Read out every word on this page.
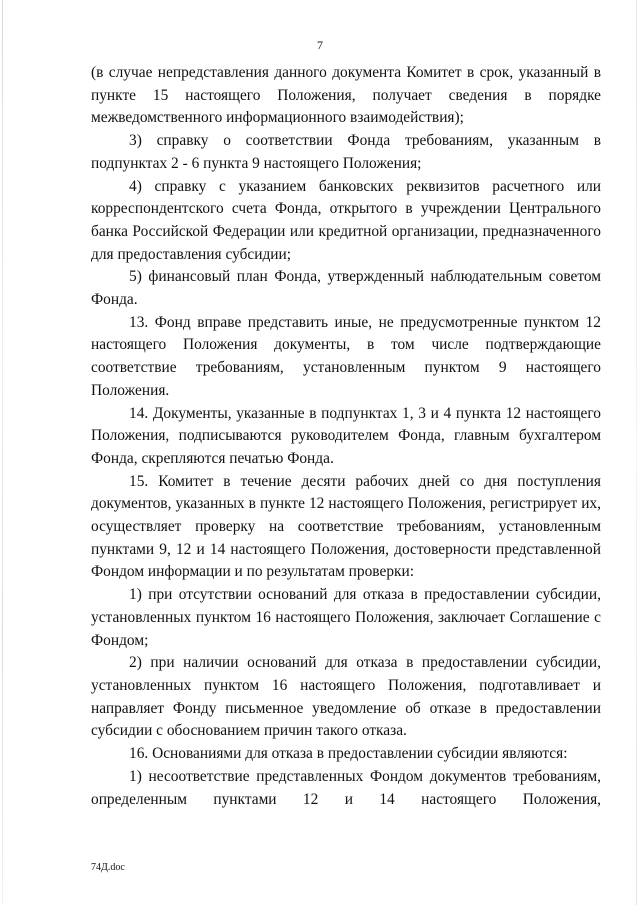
7

(в случае непредставления данного документа Комитет в срок, указанный в пункте 15 настоящего Положения, получает сведения в порядке межведомственного информационного взаимодействия);

3) справку о соответствии Фонда требованиям, указанным в подпунктах 2 - 6 пункта 9 настоящего Положения;

4) справку с указанием банковских реквизитов расчетного или корреспондентского счета Фонда, открытого в учреждении Центрального банка Российской Федерации или кредитной организации, предназначенного для предоставления субсидии;

5) финансовый план Фонда, утвержденный наблюдательным советом Фонда.

13. Фонд вправе представить иные, не предусмотренные пунктом 12 настоящего Положения документы, в том числе подтверждающие соответствие требованиям, установленным пунктом 9 настоящего Положения.

14. Документы, указанные в подпунктах 1, 3 и 4 пункта 12 настоящего Положения, подписываются руководителем Фонда, главным бухгалтером Фонда, скрепляются печатью Фонда.

15. Комитет в течение десяти рабочих дней со дня поступления документов, указанных в пункте 12 настоящего Положения, регистрирует их, осуществляет проверку на соответствие требованиям, установленным пунктами 9, 12 и 14 настоящего Положения, достоверности представленной Фондом информации и по результатам проверки:

1) при отсутствии оснований для отказа в предоставлении субсидии, установленных пунктом 16 настоящего Положения, заключает Соглашение с Фондом;

2) при наличии оснований для отказа в предоставлении субсидии, установленных пунктом 16 настоящего Положения, подготавливает и направляет Фонду письменное уведомление об отказе в предоставлении субсидии с обоснованием причин такого отказа.

16. Основаниями для отказа в предоставлении субсидии являются:

1) несоответствие представленных Фондом документов требованиям, определенным пунктами 12 и 14 настоящего Положения,

74Д.doc
